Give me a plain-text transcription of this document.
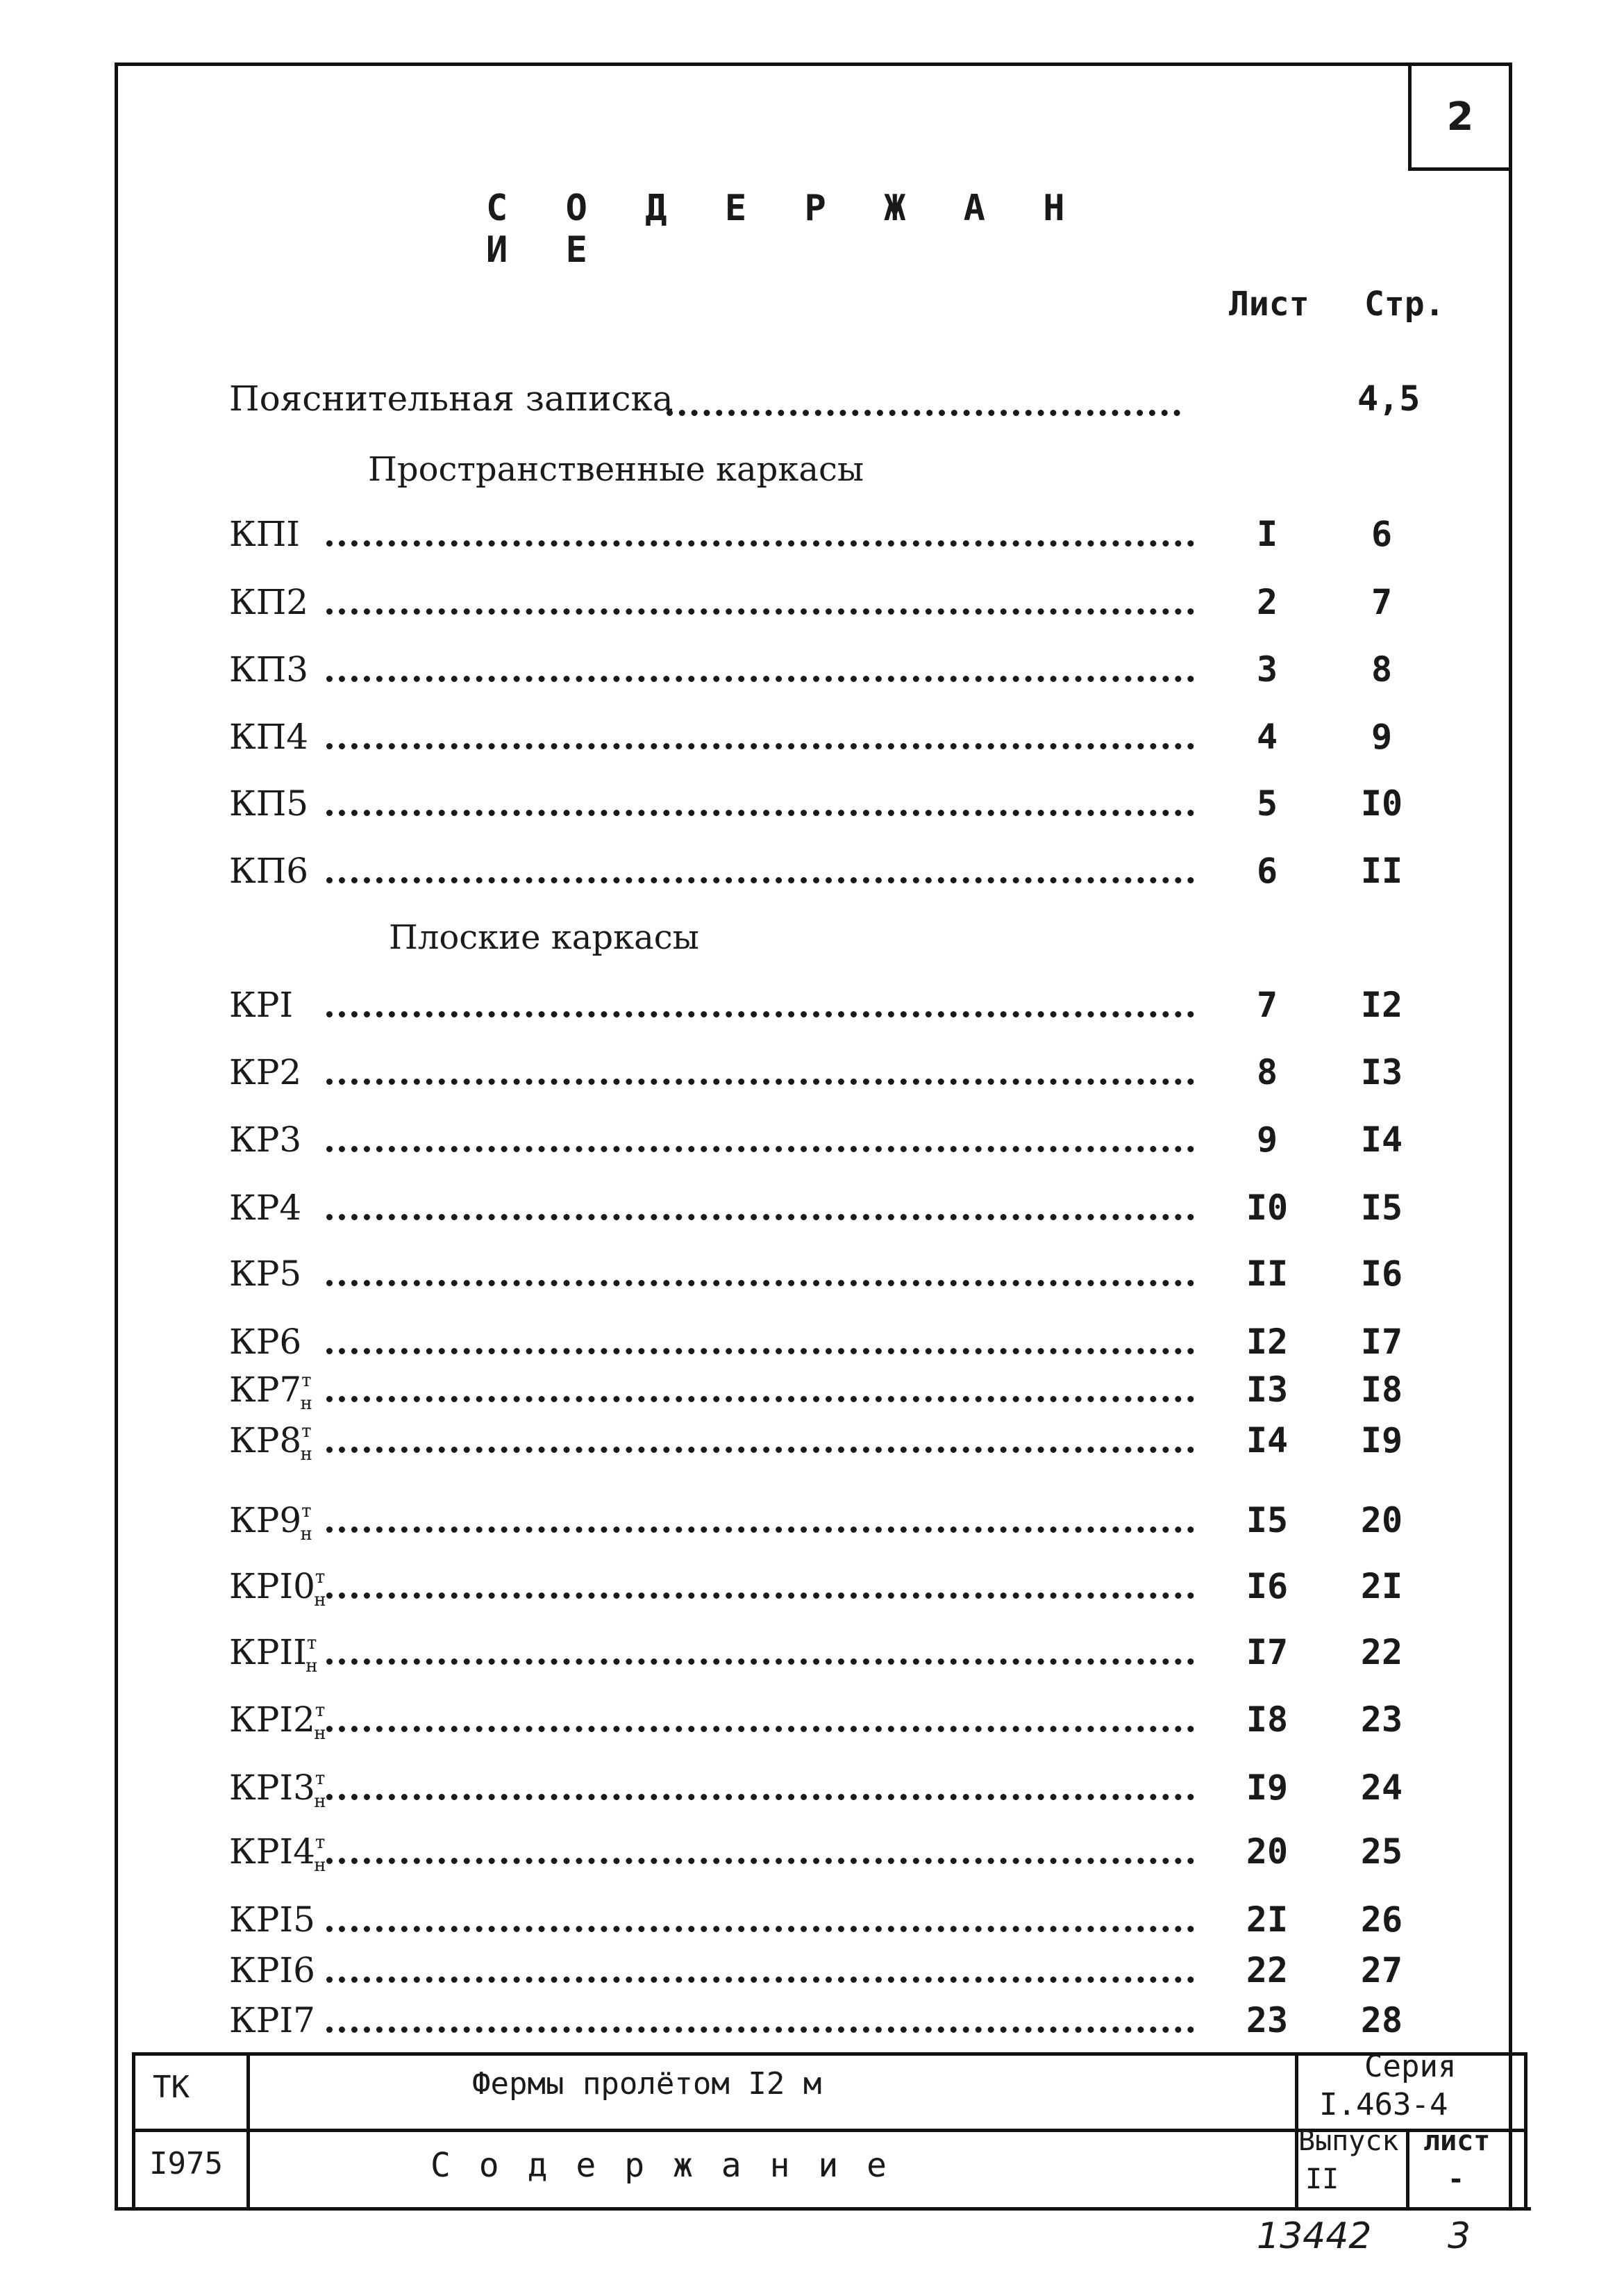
2
С О Д Е Р Ж А Н И Е
Лист Стр.
Пояснительная записка	4,5
Пространственные каркасы
Плоские каркасы
КПI	I	6
КП2	2	7
КП3	3	8
КП4	4	9
КП5	5	I0
КП6	6	II
КРI	7	I2
КР2	8	I3
КР3	9	I4
КР4	I0	I5
КР5	II	I6
КР6	I2	I7
$КР7^т_н$	I3	I8
$КР8^т_н$	I4	I9
$КР9^т_н$	I5	20
$КРI0^т_н$	I6	2I
$КРII^т_н$	I7	22
$КРI2^т_н$	I8	23
$КРI3^т_н$	I9	24
$КРI4^т_н$	20	25
КРI5	2I	26
КРI6	22	27
КРI7	23	28
ТК	Фермы пролётом I2 м	Серия
I.463-4
I975	С о д е р ж а н и е
Выпуск
II
лист
-
13442 3
